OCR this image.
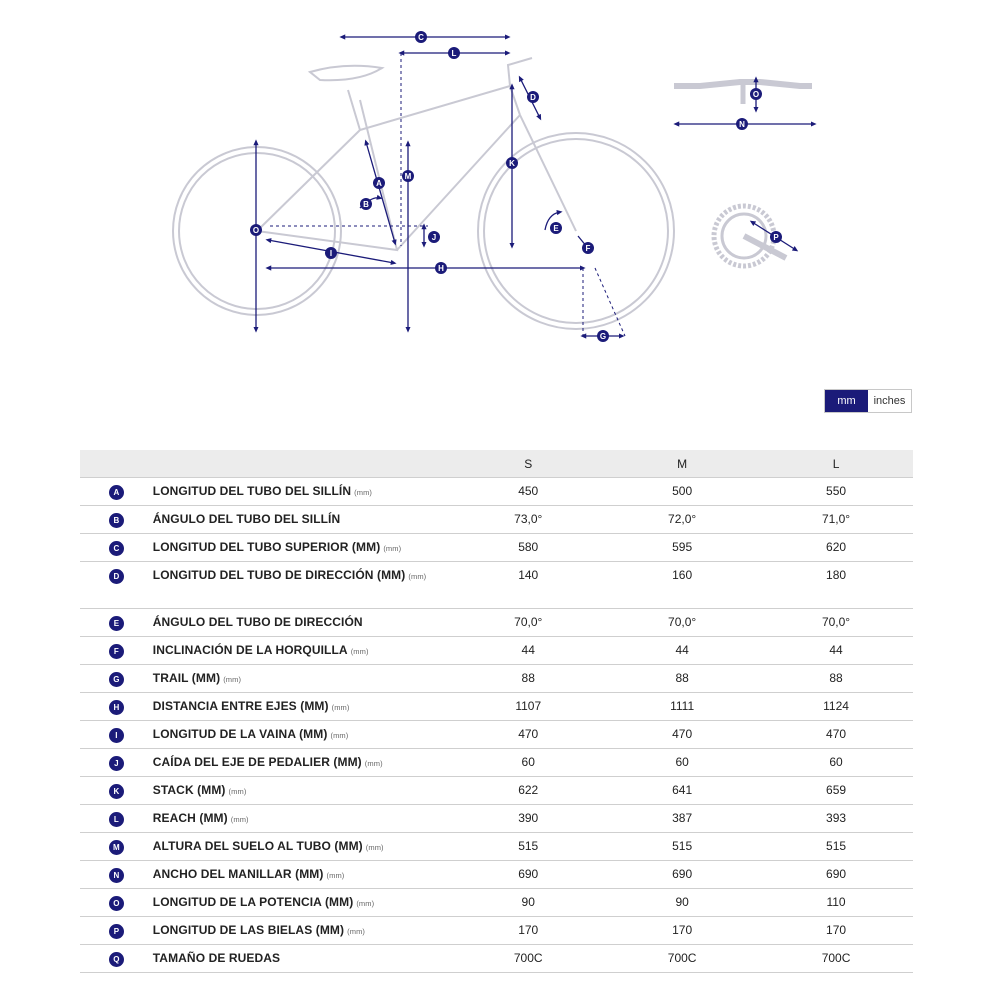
C
L
D
K
M
A
B
E
O
J
F
I
H
G
O
N
P
mm	inches
S	M	L
A	LONGITUD DEL TUBO DEL SILLÍN (mm)	450	500	550
B	ÁNGULO DEL TUBO DEL SILLÍN	73,0°	72,0°	71,0°
C	LONGITUD DEL TUBO SUPERIOR (MM) (mm)	580	595	620
D	LONGITUD DEL TUBO DE DIRECCIÓN (MM) (mm)	140	160	180
E	ÁNGULO DEL TUBO DE DIRECCIÓN	70,0°	70,0°	70,0°
F	INCLINACIÓN DE LA HORQUILLA (mm)	44	44	44
G	TRAIL (MM) (mm)	88	88	88
H	DISTANCIA ENTRE EJES (MM) (mm)	1107	1111	1124
I	LONGITUD DE LA VAINA (MM) (mm)	470	470	470
J	CAÍDA DEL EJE DE PEDALIER (MM) (mm)	60	60	60
K	STACK (MM) (mm)	622	641	659
L	REACH (MM) (mm)	390	387	393
M	ALTURA DEL SUELO AL TUBO (MM) (mm)	515	515	515
N	ANCHO DEL MANILLAR (MM) (mm)	690	690	690
O	LONGITUD DE LA POTENCIA (MM) (mm)	90	90	110
P	LONGITUD DE LAS BIELAS (MM) (mm)	170	170	170
Q	TAMAÑO DE RUEDAS	700C	700C	700C
